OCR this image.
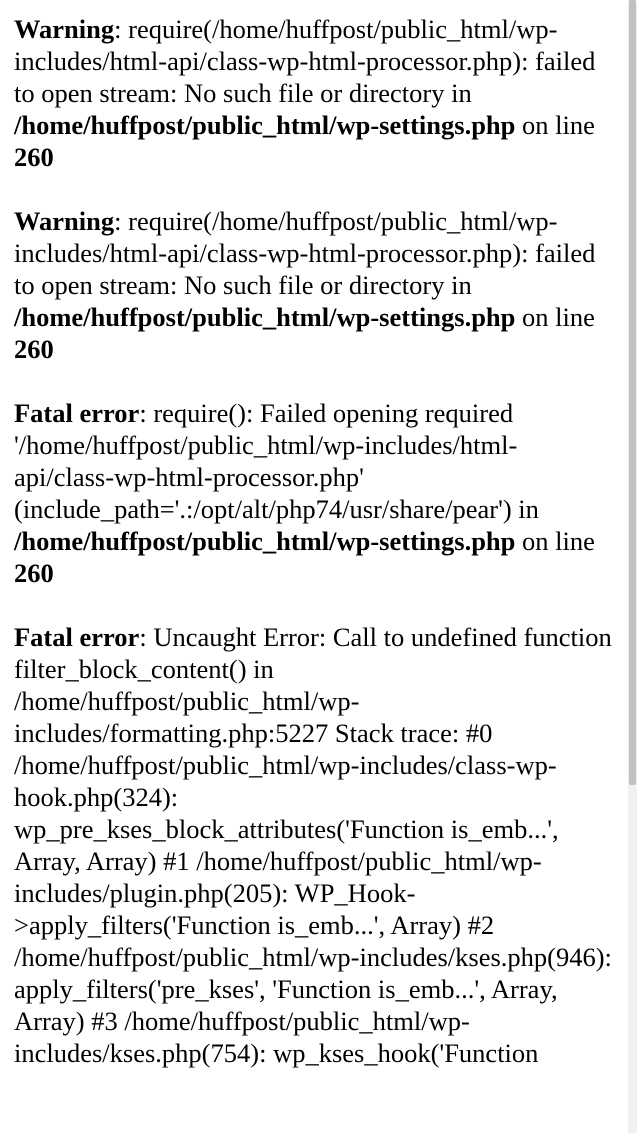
Warning: require(/home/huffpost/public_html/wp-includes/html-api/class-wp-html-processor.php): failed to open stream: No such file or directory in /home/huffpost/public_html/wp-settings.php on line 260

Warning: require(/home/huffpost/public_html/wp-includes/html-api/class-wp-html-processor.php): failed to open stream: No such file or directory in /home/huffpost/public_html/wp-settings.php on line 260

Fatal error: require(): Failed opening required '/home/huffpost/public_html/wp-includes/html-api/class-wp-html-processor.php' (include_path='.:/opt/alt/php74/usr/share/pear') in /home/huffpost/public_html/wp-settings.php on line 260

Fatal error: Uncaught Error: Call to undefined function filter_block_content() in /home/huffpost/public_html/wp-includes/formatting.php:5227 Stack trace: #0 /home/huffpost/public_html/wp-includes/class-wp-hook.php(324): wp_pre_kses_block_attributes('Function is_emb...', Array, Array) #1 /home/huffpost/public_html/wp-includes/plugin.php(205): WP_Hook->apply_filters('Function is_emb...', Array) #2 /home/huffpost/public_html/wp-includes/kses.php(946): apply_filters('pre_kses', 'Function is_emb...', Array, Array) #3 /home/huffpost/public_html/wp-includes/kses.php(754): wp_kses_hook('Function
